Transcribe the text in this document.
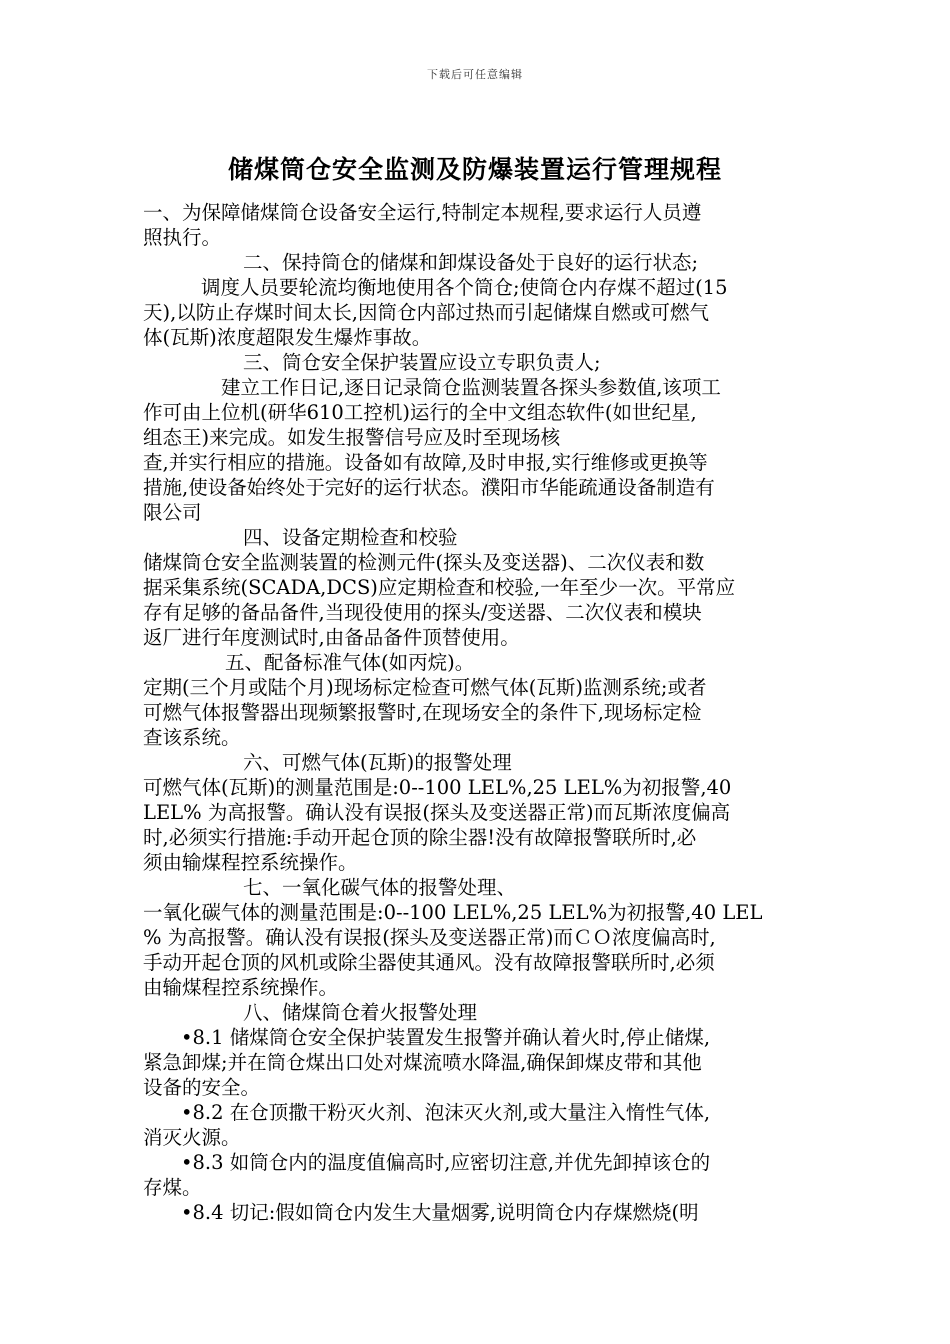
下载后可任意编辑
储煤筒仓安全监测及防爆装置运行管理规程
一、为保障储煤筒仓设备安全运行,特制定本规程,要求运行人员遵
照执行。
二、保持筒仓的储煤和卸煤设备处于良好的运行状态;
调度人员要轮流均衡地使用各个筒仓;使筒仓内存煤不超过(15
天),以防止存煤时间太长,因筒仓内部过热而引起储煤自燃或可燃气
体(瓦斯)浓度超限发生爆炸事故。
三、筒仓安全保护装置应设立专职负责人;
建立工作日记,逐日记录筒仓监测装置各探头参数值,该项工
作可由上位机(研华610工控机)运行的全中文组态软件(如世纪星,
组态王)来完成。如发生报警信号应及时至现场核
查,并实行相应的措施。设备如有故障,及时申报,实行维修或更换等
措施,使设备始终处于完好的运行状态。濮阳市华能疏通设备制造有
限公司
四、设备定期检查和校验
储煤筒仓安全监测装置的检测元件(探头及变送器)、二次仪表和数
据采集系统(SCADA,DCS)应定期检查和校验,一年至少一次。平常应
存有足够的备品备件,当现役使用的探头/变送器、二次仪表和模块
返厂进行年度测试时,由备品备件顶替使用。
五、配备标准气体(如丙烷)。
定期(三个月或陆个月)现场标定检查可燃气体(瓦斯)监测系统;或者
可燃气体报警器出现频繁报警时,在现场安全的条件下,现场标定检
查该系统。
六、可燃气体(瓦斯)的报警处理
可燃气体(瓦斯)的测量范围是:0--100 LEL%,25 LEL%为初报警,40
LEL% 为高报警。确认没有误报(探头及变送器正常)而瓦斯浓度偏高
时,必须实行措施:手动开起仓顶的除尘器!没有故障报警联所时,必
须由输煤程控系统操作。
七、一氧化碳气体的报警处理、
一氧化碳气体的测量范围是:0--100 LEL%,25 LEL%为初报警,40 LEL
% 为高报警。确认没有误报(探头及变送器正常)而ＣＯ浓度偏高时,
手动开起仓顶的风机或除尘器使其通风。没有故障报警联所时,必须
由输煤程控系统操作。
八、储煤筒仓着火报警处理
•8.1 储煤筒仓安全保护装置发生报警并确认着火时,停止储煤,
紧急卸煤;并在筒仓煤出口处对煤流喷水降温,确保卸煤皮带和其他
设备的安全。
•8.2 在仓顶撒干粉灭火剂、泡沫灭火剂,或大量注入惰性气体,
消灭火源。
•8.3 如筒仓内的温度值偏高时,应密切注意,并优先卸掉该仓的
存煤。
•8.4 切记:假如筒仓内发生大量烟雾,说明筒仓内存煤燃烧(明
